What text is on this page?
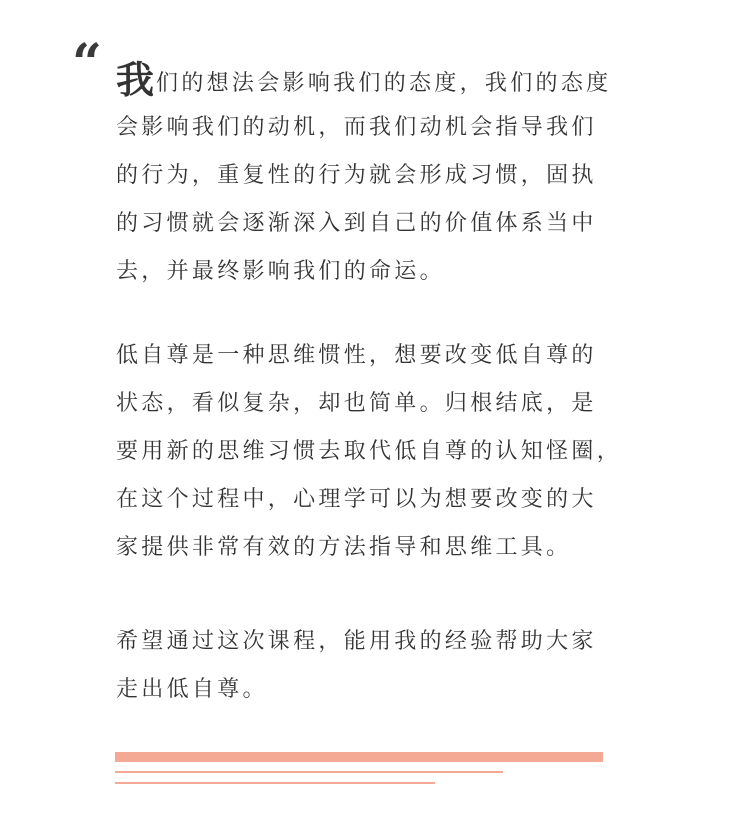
“ 我们的想法会影响我们的态度，我们的态度
会影响我们的动机，而我们动机会指导我们
的行为，重复性的行为就会形成习惯，固执
的习惯就会逐渐深入到自己的价值体系当中
去，并最终影响我们的命运。

低自尊是一种思维惯性，想要改变低自尊的
状态，看似复杂，却也简单。归根结底，是
要用新的思维习惯去取代低自尊的认知怪圈，
在这个过程中，心理学可以为想要改变的大
家提供非常有效的方法指导和思维工具。

希望通过这次课程，能用我的经验帮助大家
走出低自尊。
